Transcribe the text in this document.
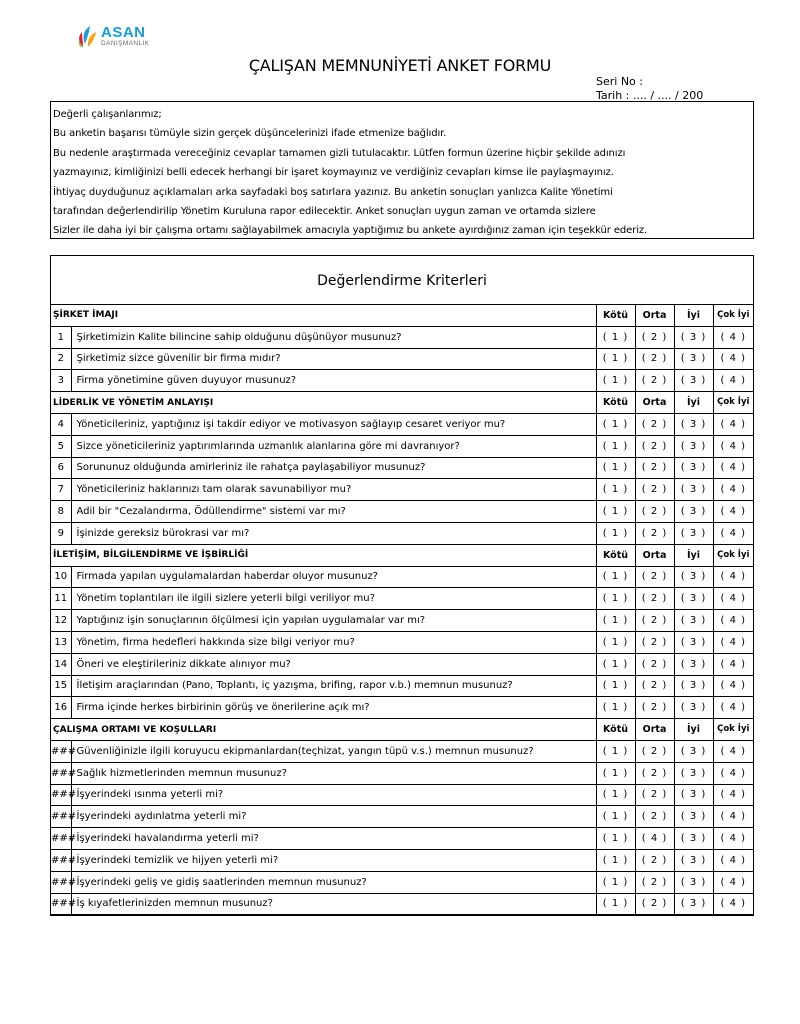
ASAN
DANIŞMANLIK
ÇALIŞAN MEMNUNİYETİ ANKET FORMU
Seri No :
Tarih : .... / .... / 200

Değerli çalışanlarımız;

Bu anketin başarısı tümüyle sizin gerçek düşüncelerinizi ifade etmenize bağlıdır.

Bu nedenle araştırmada vereceğiniz cevaplar tamamen gizli tutulacaktır. Lütfen formun üzerine hiçbir şekilde adınızı

yazmayınız, kimliğinizi belli edecek herhangi bir işaret koymayınız ve verdiğiniz cevapları kimse ile paylaşmayınız.

İhtiyaç duyduğunuz açıklamaları arka sayfadaki boş satırlara yazınız. Bu anketin sonuçları yanlızca Kalite Yönetimi

tarafından değerlendirilip Yönetim Kuruluna rapor edilecektir. Anket sonuçları uygun zaman ve ortamda sizlere

Sizler ile daha iyi bir çalışma ortamı sağlayabilmek amacıyla yaptığımız bu ankete ayırdığınız zaman için teşekkür ederiz.

Değerlendirme Kriterleri
ŞİRKET İMAJI		Kötü	Orta	İyi	Çok İyi
1	Şirketimizin Kalite bilincine sahip olduğunu düşünüyor musunuz?	( 1 )	( 2 )	( 3 )	( 4 )
2	Şirketimiz sizce güvenilir bir firma mıdır?	( 1 )	( 2 )	( 3 )	( 4 )
3	Firma yönetimine güven duyuyor musunuz?	( 1 )	( 2 )	( 3 )	( 4 )
LİDERLİK VE YÖNETİM ANLAYIŞI		Kötü	Orta	İyi	Çok İyi
4	Yöneticileriniz, yaptığınız işi takdir ediyor ve motivasyon sağlayıp cesaret veriyor mu?	( 1 )	( 2 )	( 3 )	( 4 )
5	Sizce yöneticileriniz yaptırımlarında uzmanlık alanlarına göre mi davranıyor?	( 1 )	( 2 )	( 3 )	( 4 )
6	Sorununuz olduğunda amirleriniz ile rahatça paylaşabiliyor musunuz?	( 1 )	( 2 )	( 3 )	( 4 )
7	Yöneticileriniz haklarınızı tam olarak savunabiliyor mu?	( 1 )	( 2 )	( 3 )	( 4 )
8	Adil bir "Cezalandırma, Ödüllendirme" sistemi var mı?	( 1 )	( 2 )	( 3 )	( 4 )
9	İşinizde gereksiz bürokrasi var mı?	( 1 )	( 2 )	( 3 )	( 4 )
İLETİŞİM, BİLGİLENDİRME VE İŞBİRLİĞİ		Kötü	Orta	İyi	Çok İyi
10	Firmada yapılan uygulamalardan haberdar oluyor musunuz?	( 1 )	( 2 )	( 3 )	( 4 )
11	Yönetim toplantıları ile ilgili sizlere yeterli bilgi veriliyor mu?	( 1 )	( 2 )	( 3 )	( 4 )
12	Yaptığınız işin sonuçlarının ölçülmesi için yapılan uygulamalar var mı?	( 1 )	( 2 )	( 3 )	( 4 )
13	Yönetim, firma hedefleri hakkında size bilgi veriyor mu?	( 1 )	( 2 )	( 3 )	( 4 )
14	Öneri ve eleştirileriniz dikkate alınıyor mu?	( 1 )	( 2 )	( 3 )	( 4 )
15	İletişim araçlarından (Pano, Toplantı, iç yazışma, brifing, rapor v.b.) memnun musunuz?	( 1 )	( 2 )	( 3 )	( 4 )
16	Firma içinde herkes birbirinin görüş ve önerilerine açık mı?	( 1 )	( 2 )	( 3 )	( 4 )
ÇALIŞMA ORTAMI VE KOŞULLARI		Kötü	Orta	İyi	Çok İyi
###	Güvenliğinizle ilgili koruyucu ekipmanlardan(teçhizat, yangın tüpü v.s.) memnun musunuz?	( 1 )	( 2 )	( 3 )	( 4 )
###	Sağlık hizmetlerinden memnun musunuz?	( 1 )	( 2 )	( 3 )	( 4 )
###	İşyerindeki ısınma yeterli mi?	( 1 )	( 2 )	( 3 )	( 4 )
###	İşyerindeki aydınlatma yeterli mi?	( 1 )	( 2 )	( 3 )	( 4 )
###	İşyerindeki havalandırma yeterli mi?	( 1 )	( 4 )	( 3 )	( 4 )
###	İşyerindeki temizlik ve hijyen yeterli mi?	( 1 )	( 2 )	( 3 )	( 4 )
###	İşyerindeki geliş ve gidiş saatlerinden memnun musunuz?	( 1 )	( 2 )	( 3 )	( 4 )
###	İş kıyafetlerinizden memnun musunuz?	( 1 )	( 2 )	( 3 )	( 4 )
